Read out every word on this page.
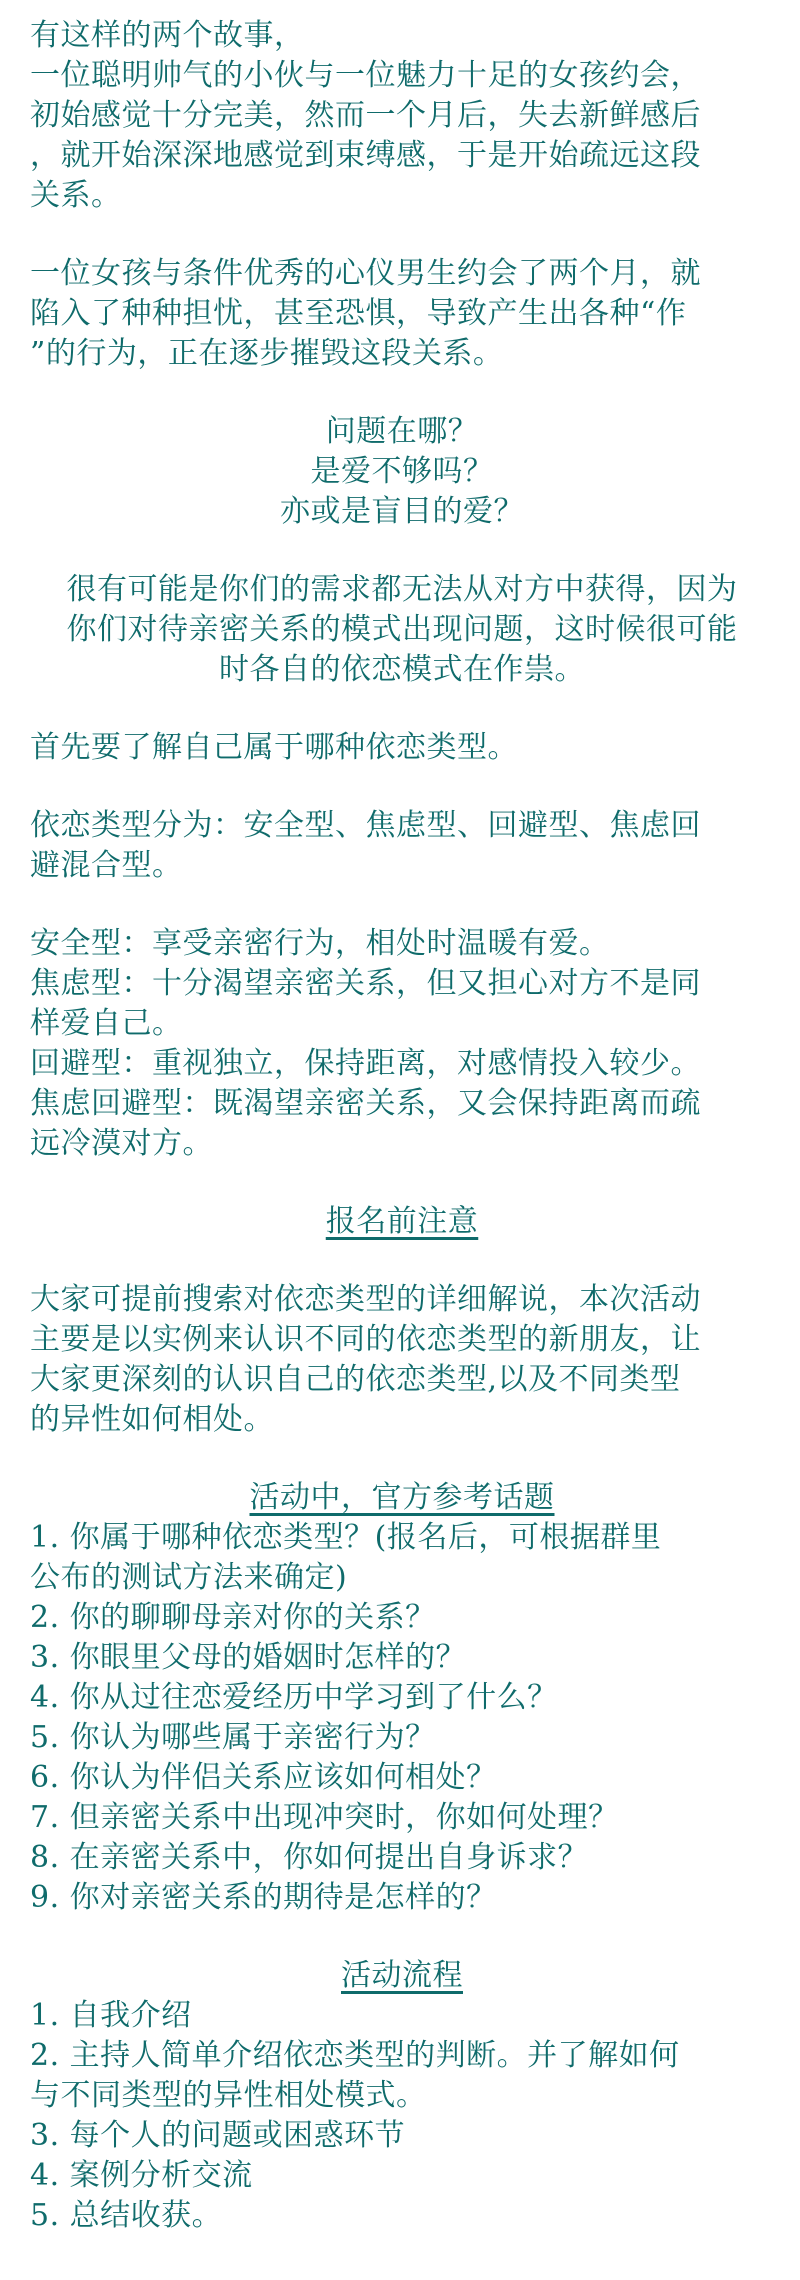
有这样的两个故事，
一位聪明帅气的小伙与一位魅力十足的女孩约会，
初始感觉十分完美，然而一个月后，失去新鲜感后
，就开始深深地感觉到束缚感，于是开始疏远这段
关系。
一位女孩与条件优秀的心仪男生约会了两个月，就
陷入了种种担忧，甚至恐惧，导致产生出各种“作
”的行为，正在逐步摧毁这段关系。
问题在哪？
是爱不够吗？
亦或是盲目的爱？
很有可能是你们的需求都无法从对方中获得，因为
你们对待亲密关系的模式出现问题，这时候很可能
时各自的依恋模式在作祟。
首先要了解自己属于哪种依恋类型。
依恋类型分为：安全型、焦虑型、回避型、焦虑回
避混合型。
安全型：享受亲密行为，相处时温暖有爱。
焦虑型：十分渴望亲密关系，但又担心对方不是同
样爱自己。
回避型：重视独立，保持距离，对感情投入较少。
焦虑回避型：既渴望亲密关系，又会保持距离而疏
远冷漠对方。
报名前注意
大家可提前搜索对依恋类型的详细解说，本次活动
主要是以实例来认识不同的依恋类型的新朋友，让
大家更深刻的认识自己的依恋类型,以及不同类型
的异性如何相处。
活动中，官方参考话题
1. 你属于哪种依恋类型？(报名后，可根据群里
公布的测试方法来确定)
2. 你的聊聊母亲对你的关系？
3. 你眼里父母的婚姻时怎样的？
4. 你从过往恋爱经历中学习到了什么？
5. 你认为哪些属于亲密行为？
6. 你认为伴侣关系应该如何相处？
7. 但亲密关系中出现冲突时，你如何处理？
8. 在亲密关系中，你如何提出自身诉求？
9. 你对亲密关系的期待是怎样的？
活动流程
1. 自我介绍
2. 主持人简单介绍依恋类型的判断。并了解如何
与不同类型的异性相处模式。
3. 每个人的问题或困惑环节
4. 案例分析交流
5. 总结收获。
